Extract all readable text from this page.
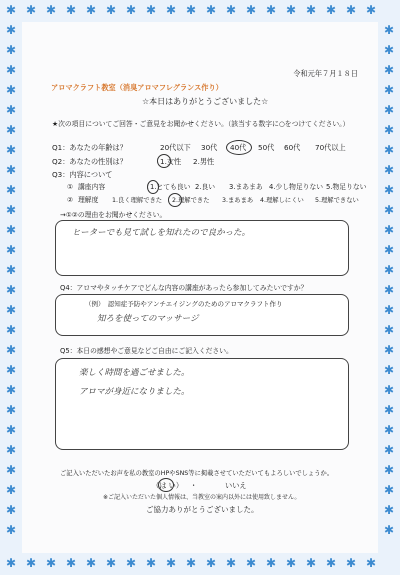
✱
✱
✱
✱
✱
✱
✱
✱
✱
✱
✱
✱
✱
✱
✱
✱
✱
✱
✱
✱
✱
✱
✱
✱
✱
✱
✱
✱
✱
✱
✱
✱
✱
✱
✱
✱
✱
✱
✱	✱
✱	✱
✱	✱
✱	✱
✱	✱
✱	✱
✱	✱
✱	✱
✱	✱
✱	✱
✱	✱
✱	✱
✱	✱
✱	✱
✱	✱
✱	✱
✱	✱
✱	✱
✱	✱
✱	✱
✱	✱
✱	✱
✱	✱
✱	✱
✱	✱
✱	✱
令和元年７月１８日
アロマクラフト教室（消臭アロマフレグランス作り）
☆本日はありがとうございました☆
★次の項目についてご回答・ご意見をお聞かせください。（該当する数字に○をつけてください。）
Q1：あなたの年齢は？	20代以下 30代 40代 50代 60代 70代以上
Q2：あなたの性別は？	1.女性 2.男性
Q3：内容について
① 講座内容	1.とても良い 2.良い 3.まあまあ 4.少し物足りない 5.物足りない
② 理解度 1.良く理解できた 2.理解できた 3.まあまあ 4.理解しにくい 5.理解できない
→①②の理由をお聞かせください。
ヒーターでも見て試しを知れたので良かった。
Q4：アロマやタッチケアでどんな内容の講座があったら参加してみたいですか？
（例）　認知症予防やアンチエイジングのためのアロマクラフト作り
知ろを使ってのマッサージ
Q5：本日の感想やご意見などご自由にご記入ください。
楽しく時間を過ごせました。
アロマが身近になりました。
ご記入いただいたお声を私の教室のHPやSNS等に掲載させていただいてもよろしいでしょうか。
（は い） ・	いいえ
※ご記入いただいた個人情報は、当教室の案内以外には使用致しません。
ご協力ありがとうございました。
